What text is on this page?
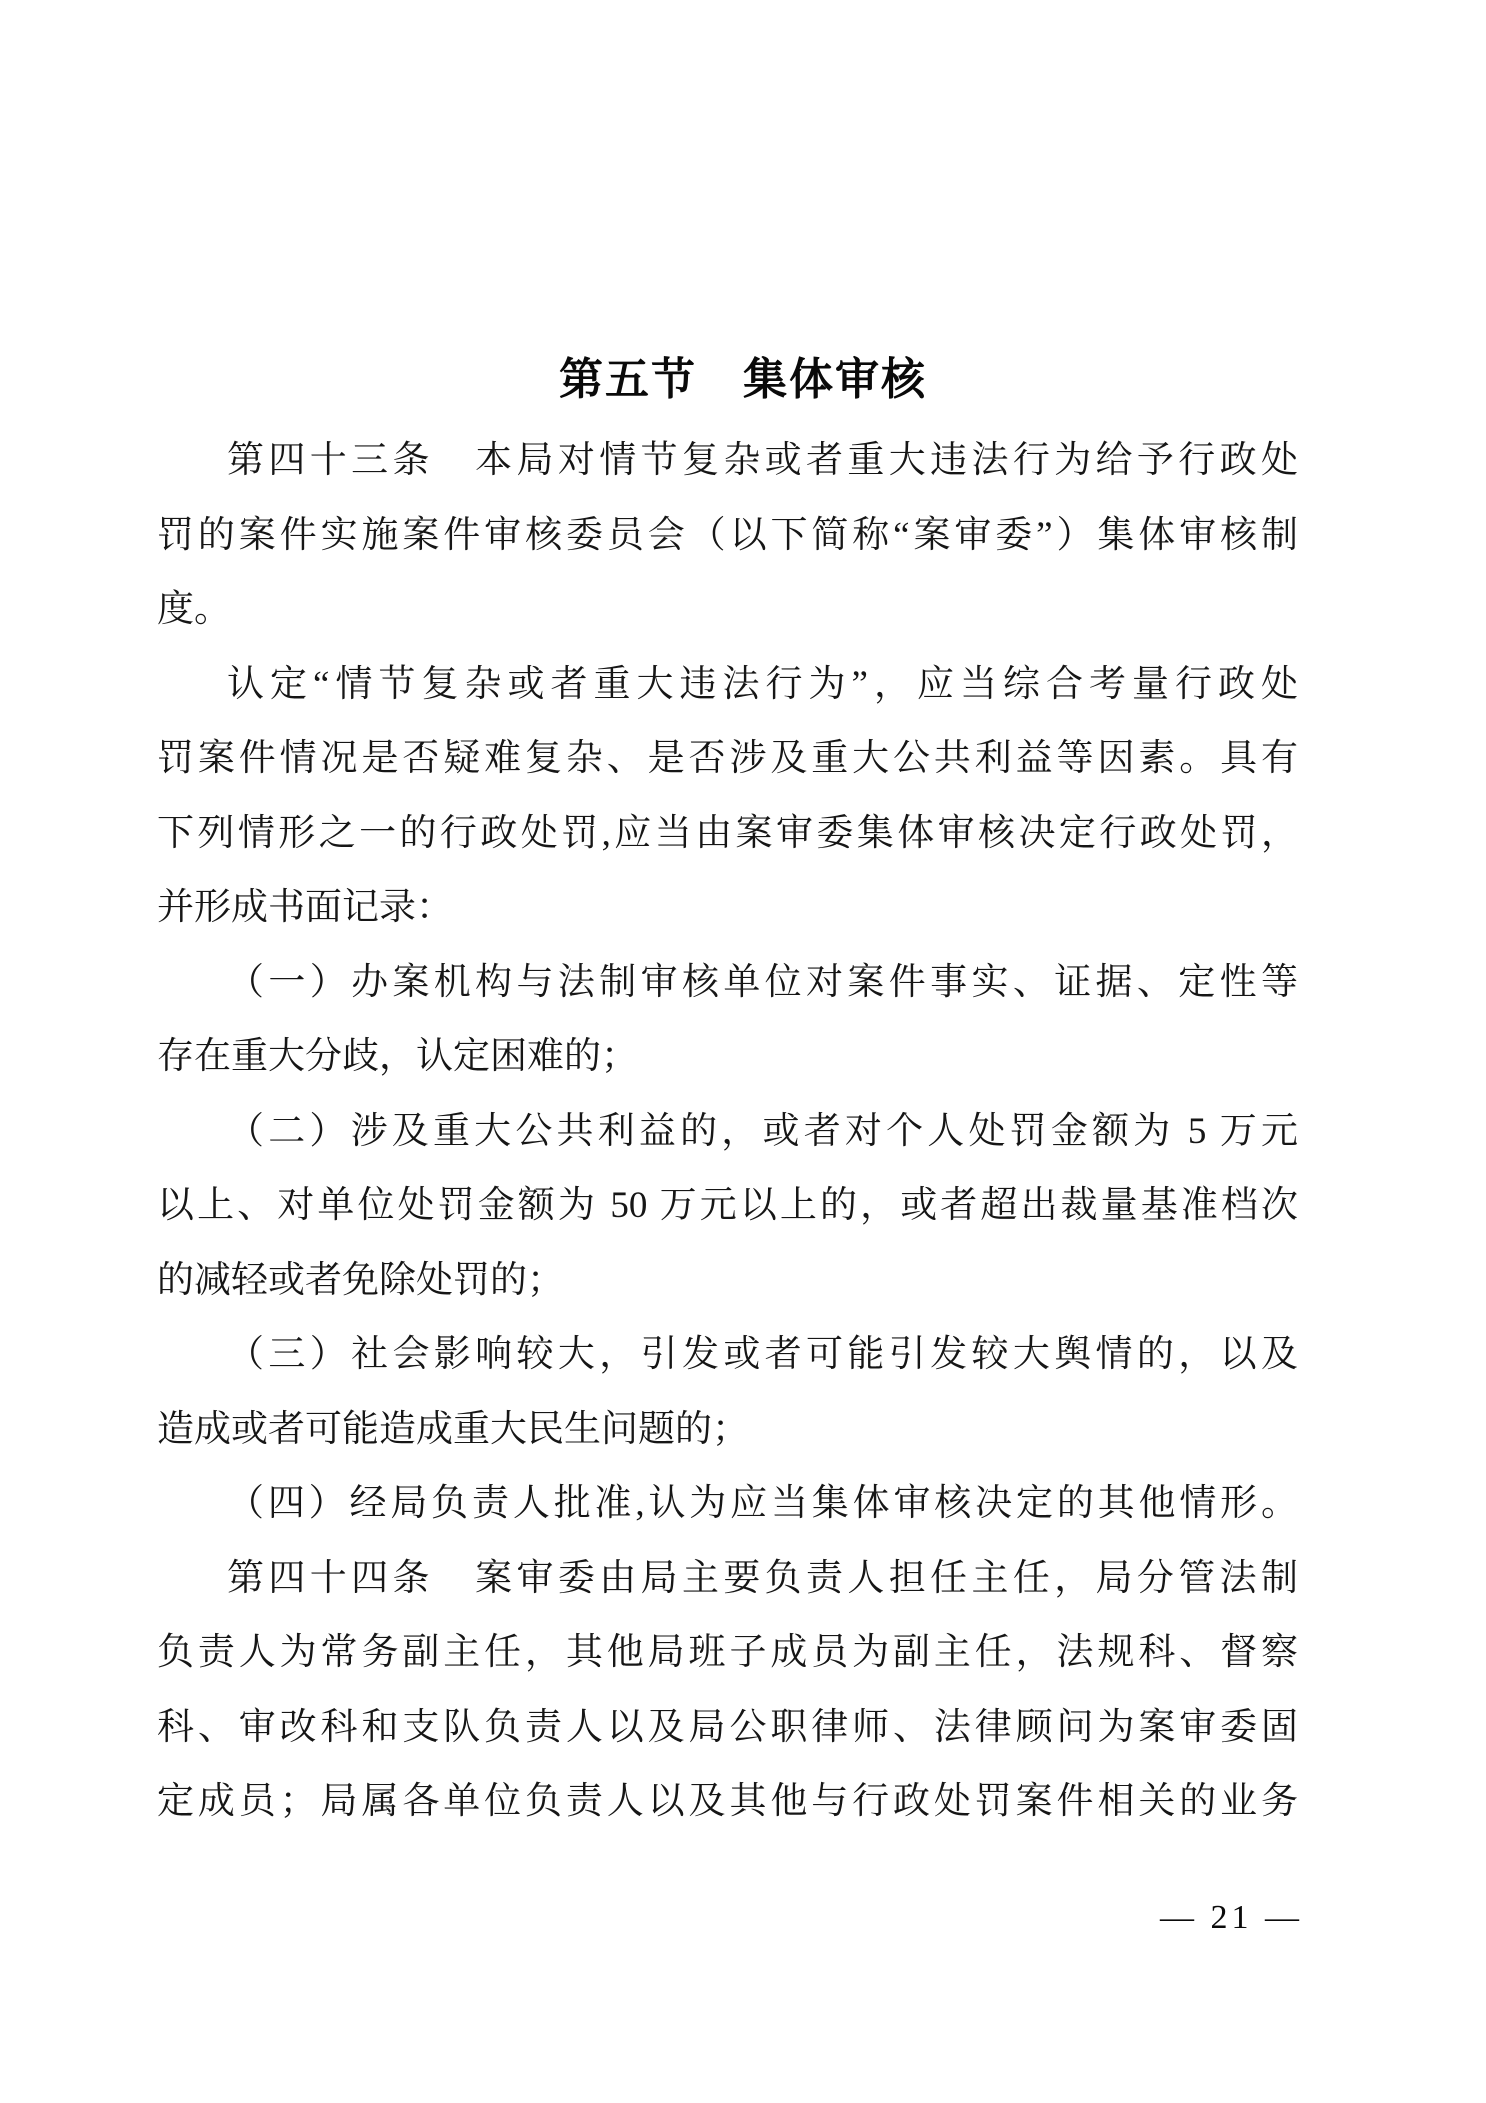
第五节　集体审核
第四十三条　本局对情节复杂或者重大违法行为给予行政处
罚的案件实施案件审核委员会（以下简称“案审委”）集体审核制
度。
认定“情节复杂或者重大违法行为”，应当综合考量行政处
罚案件情况是否疑难复杂、是否涉及重大公共利益等因素。具有
下列情形之一的行政处罚,应当由案审委集体审核决定行政处罚，
并形成书面记录：
（一）办案机构与法制审核单位对案件事实、证据、定性等
存在重大分歧，认定困难的；
（二）涉及重大公共利益的，或者对个人处罚金额为 5 万元
以上、对单位处罚金额为 50 万元以上的，或者超出裁量基准档次
的减轻或者免除处罚的；
（三）社会影响较大，引发或者可能引发较大舆情的，以及
造成或者可能造成重大民生问题的；
（四）经局负责人批准,认为应当集体审核决定的其他情形。
第四十四条　案审委由局主要负责人担任主任，局分管法制
负责人为常务副主任，其他局班子成员为副主任，法规科、督察
科、审改科和支队负责人以及局公职律师、法律顾问为案审委固
定成员；局属各单位负责人以及其他与行政处罚案件相关的业务
— 21 —
